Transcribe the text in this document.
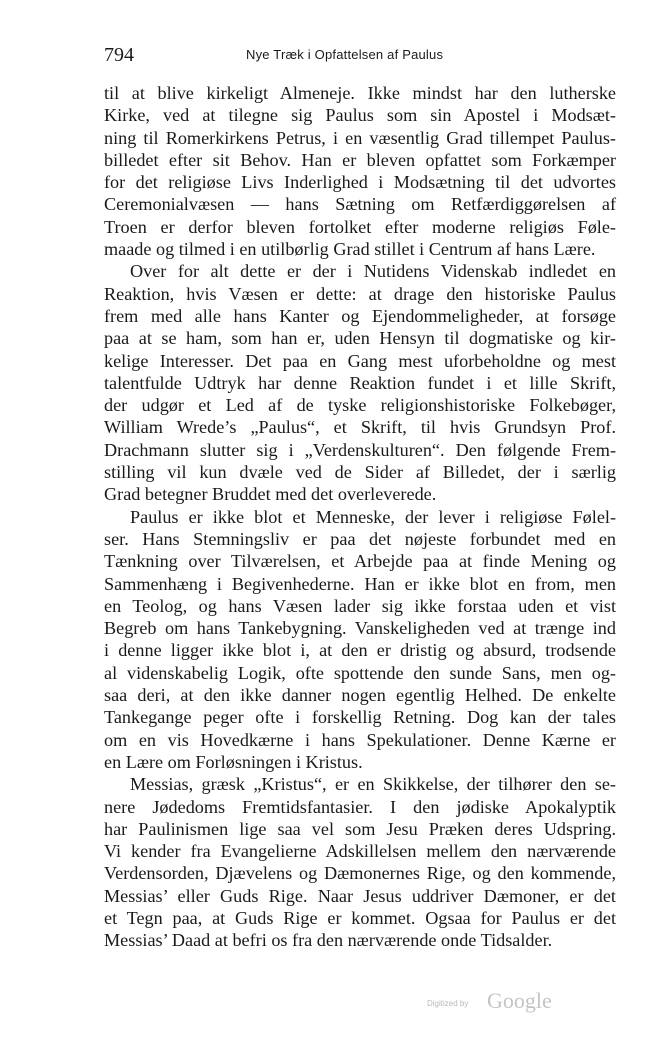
794	Nye Træk i Opfattelsen af Paulus

til at blive kirkeligt Almeneje. Ikke mindst har den lutherske
Kirke, ved at tilegne sig Paulus som sin Apostel i Modsæt-
ning til Romerkirkens Petrus, i en væsentlig Grad tillempet Paulus-
billedet efter sit Behov. Han er bleven opfattet som Forkæmper
for det religiøse Livs Inderlighed i Modsætning til det udvortes
Ceremonialvæsen — hans Sætning om Retfærdiggørelsen af
Troen er derfor bleven fortolket efter moderne religiøs Føle-
maade og tilmed i en utilbørlig Grad stillet i Centrum af hans Lære.

Over for alt dette er der i Nutidens Videnskab indledet en
Reaktion, hvis Væsen er dette: at drage den historiske Paulus
frem med alle hans Kanter og Ejendommeligheder, at forsøge
paa at se ham, som han er, uden Hensyn til dogmatiske og kir-
kelige Interesser. Det paa en Gang mest uforbeholdne og mest
talentfulde Udtryk har denne Reaktion fundet i et lille Skrift,
der udgør et Led af de tyske religionshistoriske Folkebøger,
William Wrede’s „Paulus“, et Skrift, til hvis Grundsyn Prof.
Drachmann slutter sig i „Verdenskulturen“. Den følgende Frem-
stilling vil kun dvæle ved de Sider af Billedet, der i særlig
Grad betegner Bruddet med det overleverede.

Paulus er ikke blot et Menneske, der lever i religiøse Følel-
ser. Hans Stemningsliv er paa det nøjeste forbundet med en
Tænkning over Tilværelsen, et Arbejde paa at finde Mening og
Sammenhæng i Begivenhederne. Han er ikke blot en from, men
en Teolog, og hans Væsen lader sig ikke forstaa uden et vist
Begreb om hans Tankebygning. Vanskeligheden ved at trænge ind
i denne ligger ikke blot i, at den er dristig og absurd, trodsende
al videnskabelig Logik, ofte spottende den sunde Sans, men og-
saa deri, at den ikke danner nogen egentlig Helhed. De enkelte
Tankegange peger ofte i forskellig Retning. Dog kan der tales
om en vis Hovedkærne i hans Spekulationer. Denne Kærne er
en Lære om Forløsningen i Kristus.

Messias, græsk „Kristus“, er en Skikkelse, der tilhører den se-
nere Jødedoms Fremtidsfantasier. I den jødiske Apokalyptik
har Paulinismen lige saa vel som Jesu Præken deres Udspring.
Vi kender fra Evangelierne Adskillelsen mellem den nærværende
Verdensorden, Djævelens og Dæmonernes Rige, og den kommende,
Messias’ eller Guds Rige. Naar Jesus uddriver Dæmoner, er det
et Tegn paa, at Guds Rige er kommet. Ogsaa for Paulus er det
Messias’ Daad at befri os fra den nærværende onde Tidsalder.

Digitized by Google
